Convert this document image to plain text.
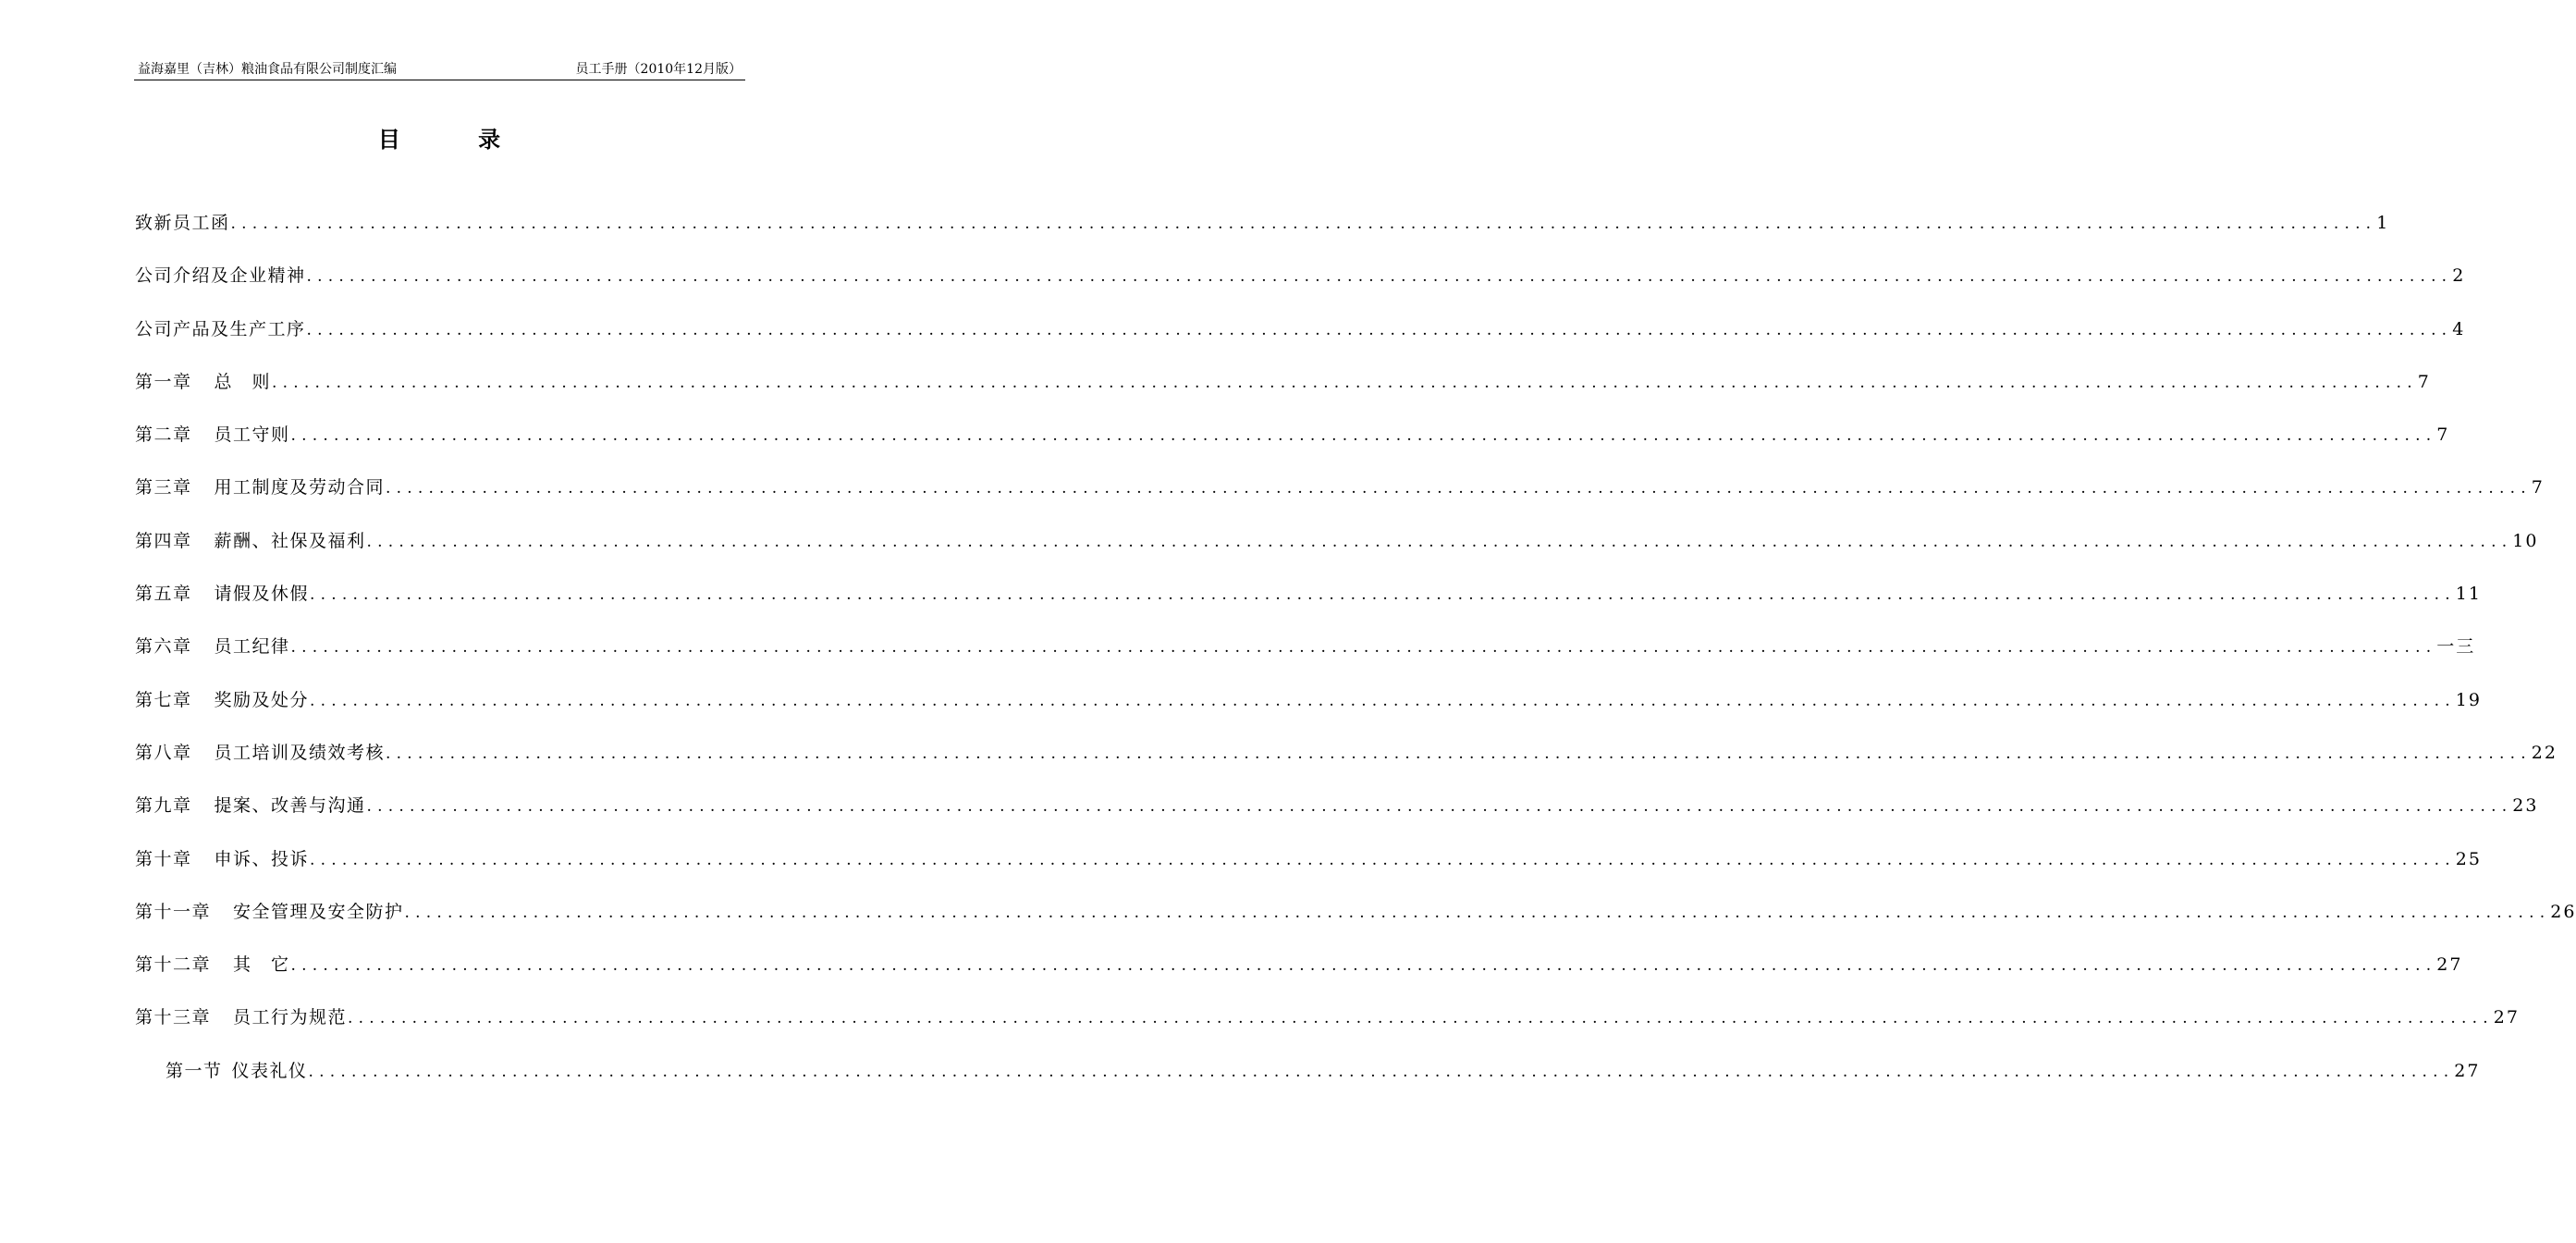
益海嘉里（吉林）粮油食品有限公司制度汇编	员工手册（2010年12月版）
目 录
致新员工函 ........................................................................................................................................................................................................ 1
公司介绍及企业精神 ........................................................................................................................................................................................................ 2
公司产品及生产工序 ........................................................................................................................................................................................................ 4
第一章 总　则 ........................................................................................................................................................................................................ 7
第二章 员工守则 ........................................................................................................................................................................................................ 7
第三章 用工制度及劳动合同 ........................................................................................................................................................................................................ 7
第四章 薪酬、社保及福利 ........................................................................................................................................................................................................ 10
第五章 请假及休假 ........................................................................................................................................................................................................ 11
第六章 员工纪律 ........................................................................................................................................................................................................ 一三
第七章 奖励及处分 ........................................................................................................................................................................................................ 19
第八章 员工培训及绩效考核 ........................................................................................................................................................................................................ 22
第九章 提案、改善与沟通 ........................................................................................................................................................................................................ 23
第十章 申诉、投诉 ........................................................................................................................................................................................................ 25
第十一章 安全管理及安全防护 ........................................................................................................................................................................................................ 26
第十二章 其　它 ........................................................................................................................................................................................................ 27
第十三章 员工行为规范 ........................................................................................................................................................................................................ 27
第一节 仪表礼仪 ........................................................................................................................................................................................................ 27
